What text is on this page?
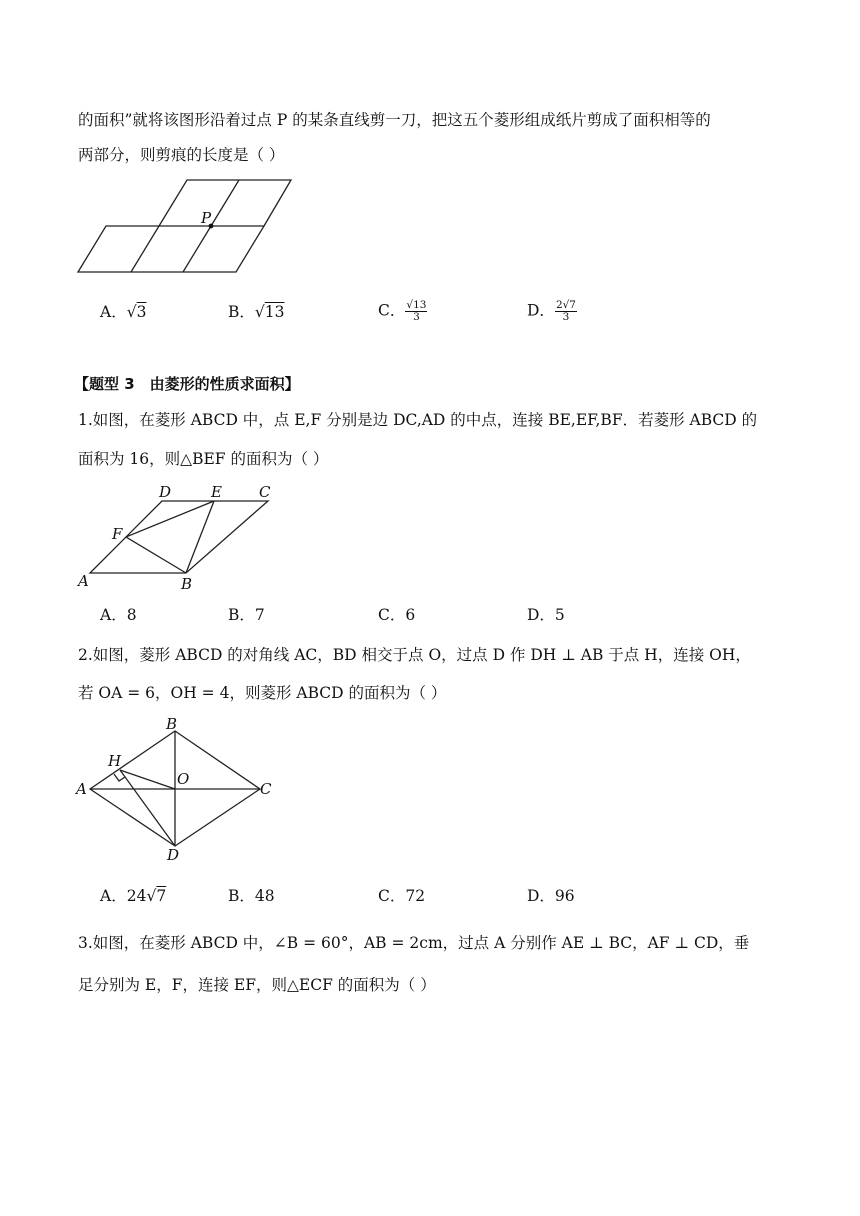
的面积”就将该图形沿着过点 P 的某条直线剪一刀，把这五个菱形组成纸片剪成了面积相等的
两部分，则剪痕的长度是（ ）
P
A．√3	B．√13	C． $\frac{√13}{3}$	D． $\frac{2√7}{3}$
【题型 3　由菱形的性质求面积】
1.如图，在菱形 ABCD 中，点 E,F 分别是边 DC,AD 的中点，连接 BE,EF,BF．若菱形 ABCD 的
面积为 16，则△BEF 的面积为（ ）
D	E C
F
A	B
A．8	B．7	C．6	D．5
2.如图，菱形 ABCD 的对角线 AC，BD 相交于点 O，过点 D 作 DH ⊥ AB 于点 H，连接 OH，
若 OA = 6，OH = 4，则菱形 ABCD 的面积为（ ）
B
H
A
O
C
D
A．24√7	B．48	C．72	D．96
3.如图，在菱形 ABCD 中，∠B = 60°，AB = 2cm，过点 A 分别作 AE ⊥ BC，AF ⊥ CD，垂
足分别为 E，F，连接 EF，则△ECF 的面积为（ ）
